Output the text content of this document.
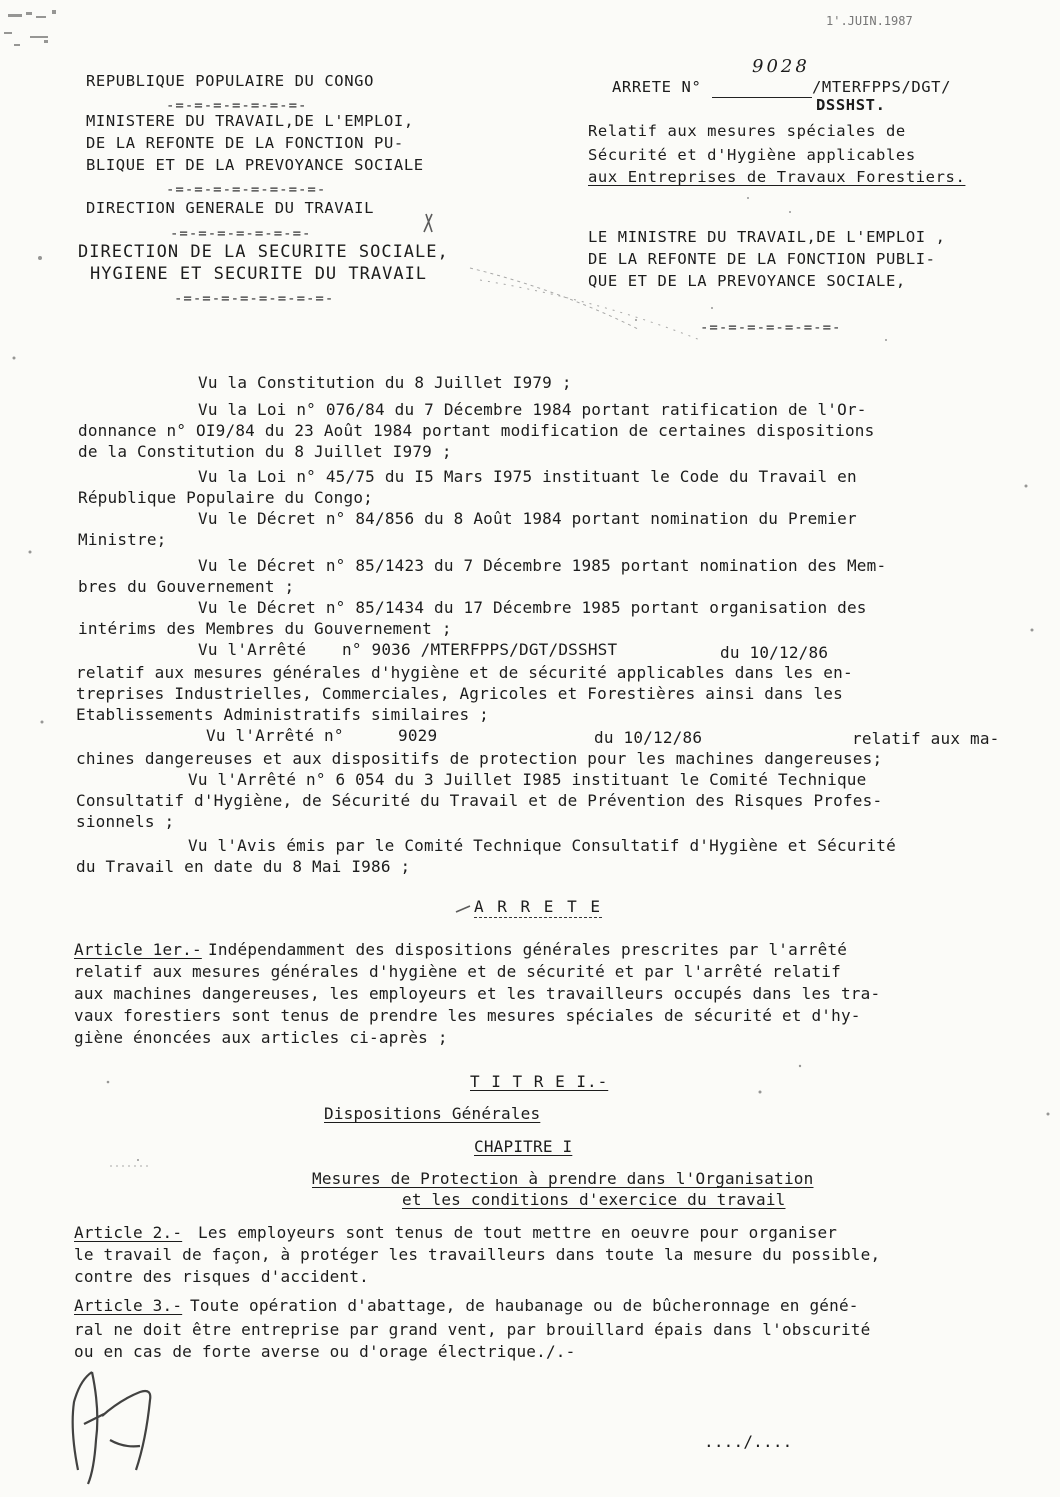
1'.JUIN.1987
REPUBLIQUE POPULAIRE DU CONGO
-=-=-=-=-=-=-=-
MINISTERE DU TRAVAIL,DE L'EMPLOI,
DE LA REFONTE DE LA FONCTION PU-
BLIQUE ET DE LA PREVOYANCE SOCIALE
-=-=-=-=-=-=-=-=-
DIRECTION GENERALE DU TRAVAIL
-=-=-=-=-=-=-=-
DIRECTION DE LA SECURITE SOCIALE,
HYGIENE ET SECURITE DU TRAVAIL
-=-=-=-=-=-=-=-=-
ARRETE N°
9028
/MTERFPPS/DGT/
DSSHST.
Relatif aux mesures spéciales de
Sécurité et d'Hygiène applicables
aux Entreprises de Travaux Forestiers.
LE MINISTRE DU TRAVAIL,DE L'EMPLOI ,
DE LA REFONTE DE LA FONCTION PUBLI-
QUE ET DE LA PREVOYANCE SOCIALE,
-=-=-=-=-=-=-=-
Vu la Constitution du 8 Juillet I979 ;
Vu la Loi n° 076/84 du 7 Décembre 1984 portant ratification de l'Or-
donnance n° OI9/84 du 23 Août 1984 portant modification de certaines dispositions
de la Constitution du 8 Juillet I979 ;
Vu la Loi n° 45/75 du I5 Mars I975 instituant le Code du Travail en
République Populaire du Congo;
Vu le Décret n° 84/856 du 8 Août 1984 portant nomination du Premier
Ministre;
Vu le Décret n° 85/1423 du 7 Décembre 1985 portant nomination des Mem-
bres du Gouvernement ;
Vu le Décret n° 85/1434 du 17 Décembre 1985 portant organisation des
intérims des Membres du Gouvernement ;
Vu l'Arrêté n° 9036 /MTERFPPS/DGT/DSSHST	du 10/12/86
relatif aux mesures générales d'hygiène et de sécurité applicables dans les en-
treprises Industrielles, Commerciales, Agricoles et Forestières ainsi dans les
Etablissements Administratifs similaires ;
Vu l'Arrêté n°	9029	du 10/12/86	relatif aux ma-
chines dangereuses et aux dispositifs de protection pour les machines dangereuses;
Vu l'Arrêté n° 6 054 du 3 Juillet I985 instituant le Comité Technique
Consultatif d'Hygiène, de Sécurité du Travail et de Prévention des Risques Profes-
sionnels ;
Vu l'Avis émis par le Comité Technique Consultatif d'Hygiène et Sécurité
du Travail en date du 8 Mai I986 ;
A R R E T E
Article 1er.- Indépendamment des dispositions générales prescrites par l'arrêté
relatif aux mesures générales d'hygiène et de sécurité et par l'arrêté relatif
aux machines dangereuses, les employeurs et les travailleurs occupés dans les tra-
vaux forestiers sont tenus de prendre les mesures spéciales de sécurité et d'hy-
giène énoncées aux articles ci-après ;
T I T R E I.-
Dispositions Générales
CHAPITRE I
Mesures de Protection à prendre dans l'Organisation
et les conditions d'exercice du travail
Article 2.- Les employeurs sont tenus de tout mettre en oeuvre pour organiser
le travail de façon, à protéger les travailleurs dans toute la mesure du possible,
contre des risques d'accident.
Article 3.- Toute opération d'abattage, de haubanage ou de bûcheronnage en géné-
ral ne doit être entreprise par grand vent, par brouillard épais dans l'obscurité
ou en cas de forte averse ou d'orage électrique./.-
..../....
